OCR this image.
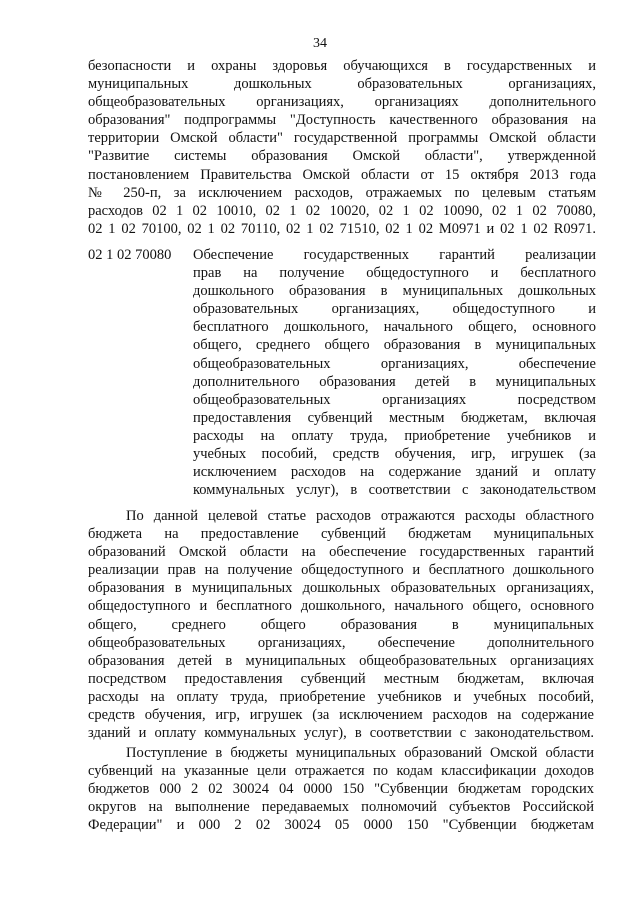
34
безопасности и охраны здоровья обучающихся в государственных и
муниципальных дошкольных образовательных организациях,
общеобразовательных организациях, организациях дополнительного
образования" подпрограммы "Доступность качественного образования на
территории Омской области" государственной программы Омской области
"Развитие системы образования Омской области", утвержденной
постановлением Правительства Омской области от 15 октября 2013 года
№ 250-п, за исключением расходов, отражаемых по целевым статьям
расходов 02 1 02 10010, 02 1 02 10020, 02 1 02 10090, 02 1 02 70080,
02 1 02 70100, 02 1 02 70110, 02 1 02 71510, 02 1 02 M0971 и 02 1 02 R0971.
02 1 02 70080 Обеспечение государственных гарантий реализации
прав на получение общедоступного и бесплатного
дошкольного образования в муниципальных дошкольных
образовательных организациях, общедоступного и
бесплатного дошкольного, начального общего, основного
общего, среднего общего образования в муниципальных
общеобразовательных организациях, обеспечение
дополнительного образования детей в муниципальных
общеобразовательных организациях посредством
предоставления субвенций местным бюджетам, включая
расходы на оплату труда, приобретение учебников и
учебных пособий, средств обучения, игр, игрушек (за
исключением расходов на содержание зданий и оплату
коммунальных услуг), в соответствии с законодательством
По данной целевой статье расходов отражаются расходы областного
бюджета на предоставление субвенций бюджетам муниципальных
образований Омской области на обеспечение государственных гарантий
реализации прав на получение общедоступного и бесплатного дошкольного
образования в муниципальных дошкольных образовательных организациях,
общедоступного и бесплатного дошкольного, начального общего, основного
общего, среднего общего образования в муниципальных
общеобразовательных организациях, обеспечение дополнительного
образования детей в муниципальных общеобразовательных организациях
посредством предоставления субвенций местным бюджетам, включая
расходы на оплату труда, приобретение учебников и учебных пособий,
средств обучения, игр, игрушек (за исключением расходов на содержание
зданий и оплату коммунальных услуг), в соответствии с законодательством.
Поступление в бюджеты муниципальных образований Омской области
субвенций на указанные цели отражается по кодам классификации доходов
бюджетов 000 2 02 30024 04 0000 150 "Субвенции бюджетам городских
округов на выполнение передаваемых полномочий субъектов Российской
Федерации" и 000 2 02 30024 05 0000 150 "Субвенции бюджетам
